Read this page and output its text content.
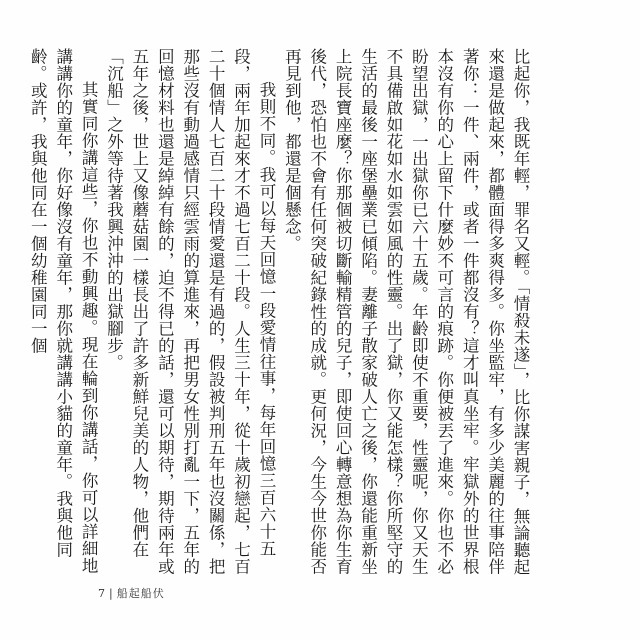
比起你，我既年輕，罪名又輕。「情殺未遂」，比你謀害親子，無論聽起來還是做起來，都體面得多爽得多。你坐監牢，有多少美麗的往事陪伴著你：一件、兩件，或者一件都沒有？這才叫真坐牢。牢獄外的世界根本沒有你的心上留下什麼妙不可言的痕跡。你便被丟了進來。你也不必盼望出獄，一出獄你已六十五歲。年齡即使不重要，性靈呢，你又天生不具備啟如花如水如雲如風的性靈。出了獄，你又能怎樣？你所堅守的生活的最後一座堡壘業已傾陷。妻離子散家破人亡之後，你還能重新坐上院長寶座麼？你那個被切斷輸精管的兒子，即使回心轉意想為你生育後代，恐怕也不會有任何突破紀錄性的成就。更何況，今生今世你能否再見到他，都還是個懸念。

我則不同。我可以每天回憶一段愛情往事，每年回憶三百六十五段，兩年加起來才不過七百二十段。人生三十年，從十歲初戀起，七百二十個情人七百二十段情愛還是有過的，假設被判刑五年也沒關係，把那些沒有動過感情只經雲雨的算進來，再把男女性別打亂一下，五年的回憶材料也還是綽綽有餘的，迫不得已的話，還可以期待，期待兩年或五年之後，世上又像蘑菇園一樣長出了許多新鮮兒美的人物，他們在「沉船」之外等待著我興沖沖的出獄腳步。

其實同你講這些，你也不動興趣。現在輪到你講話，你可以詳細地講講你的童年，你好像沒有童年，那你就講講小貓的童年。我與他同齡。或許，我與他同在一個幼稚園同一個

7 | 船起船伏
